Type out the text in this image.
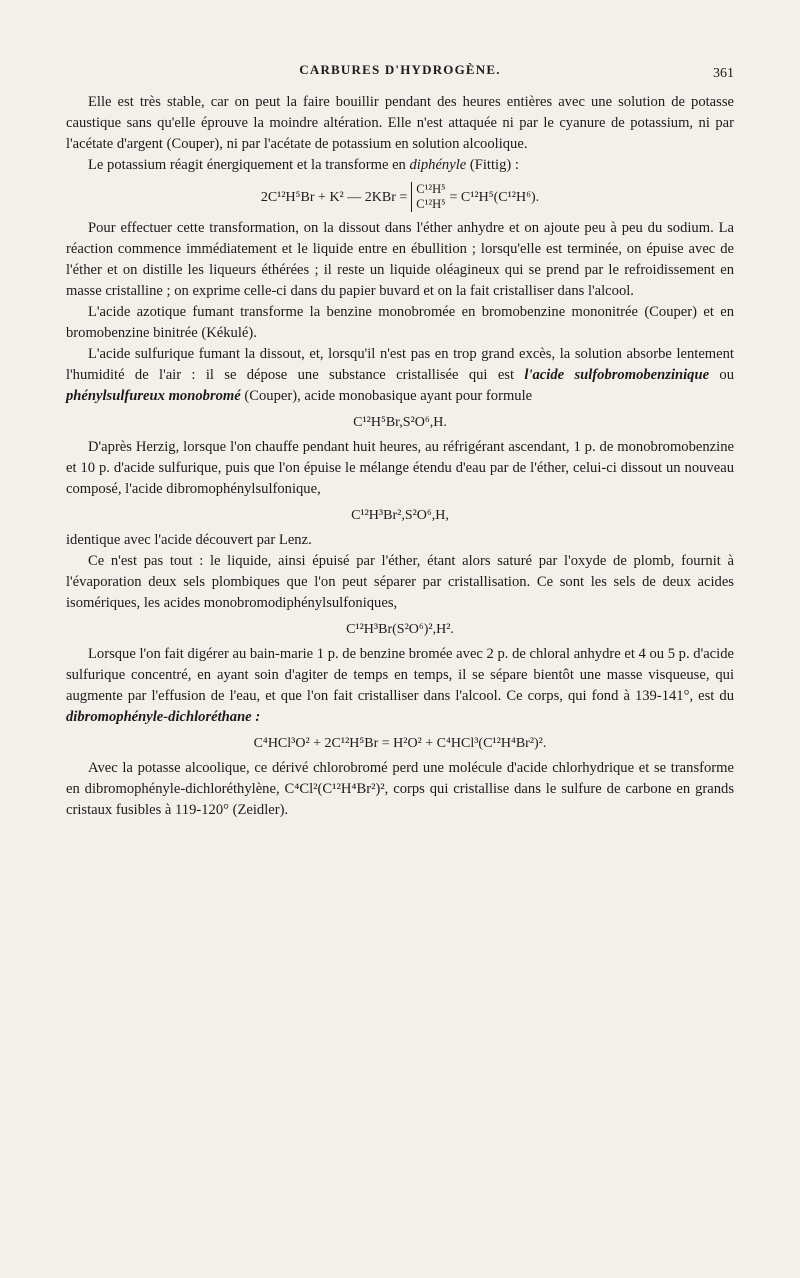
CARBURES D'HYDROGÈNE.	361

Elle est très stable, car on peut la faire bouillir pendant des heures entières avec une solution de potasse caustique sans qu'elle éprouve la moindre altération. Elle n'est attaquée ni par le cyanure de potassium, ni par l'acétate d'argent (Couper), ni par l'acétate de potassium en solution alcoolique.

Le potassium réagit énergiquement et la transforme en diphényle (Fittig) :

2C¹²H⁵Br + K² — 2KBr =
C¹²H⁵
C¹²H⁵ = C¹²H⁵(C¹²H⁶).

Pour effectuer cette transformation, on la dissout dans l'éther anhydre et on ajoute peu à peu du sodium. La réaction commence immédiatement et le liquide entre en ébullition ; lorsqu'elle est terminée, on épuise avec de l'éther et on distille les liqueurs éthérées ; il reste un liquide oléagineux qui se prend par le refroidissement en masse cristalline ; on exprime celle-ci dans du papier buvard et on la fait cristalliser dans l'alcool.

L'acide azotique fumant transforme la benzine monobromée en bromobenzine mononitrée (Couper) et en bromobenzine binitrée (Kékulé).

L'acide sulfurique fumant la dissout, et, lorsqu'il n'est pas en trop grand excès, la solution absorbe lentement l'humidité de l'air : il se dépose une substance cristallisée qui est l'acide sulfobromobenzinique ou phénylsulfureux monobromé (Couper), acide monobasique ayant pour formule

C¹²H⁵Br,S²O⁶,H.

D'après Herzig, lorsque l'on chauffe pendant huit heures, au réfrigérant ascendant, 1 p. de monobromobenzine et 10 p. d'acide sulfurique, puis que l'on épuise le mélange étendu d'eau par de l'éther, celui-ci dissout un nouveau composé, l'acide dibromophénylsulfonique,

C¹²H³Br²,S²O⁶,H,

identique avec l'acide découvert par Lenz.

Ce n'est pas tout : le liquide, ainsi épuisé par l'éther, étant alors saturé par l'oxyde de plomb, fournit à l'évaporation deux sels plombiques que l'on peut séparer par cristallisation. Ce sont les sels de deux acides isomériques, les acides monobromodiphénylsulfoniques,

C¹²H³Br(S²O⁶)²,H².

Lorsque l'on fait digérer au bain-marie 1 p. de benzine bromée avec 2 p. de chloral anhydre et 4 ou 5 p. d'acide sulfurique concentré, en ayant soin d'agiter de temps en temps, il se sépare bientôt une masse visqueuse, qui augmente par l'effusion de l'eau, et que l'on fait cristalliser dans l'alcool. Ce corps, qui fond à 139-141°, est du dibromophényle-dichloréthane :

C⁴HCl³O² + 2C¹²H⁵Br = H²O² + C⁴HCl³(C¹²H⁴Br²)².

Avec la potasse alcoolique, ce dérivé chlorobromé perd une molécule d'acide chlorhydrique et se transforme en dibromophényle-dichloréthylène, C⁴Cl²(C¹²H⁴Br²)², corps qui cristallise dans le sulfure de carbone en grands cristaux fusibles à 119-120° (Zeidler).
